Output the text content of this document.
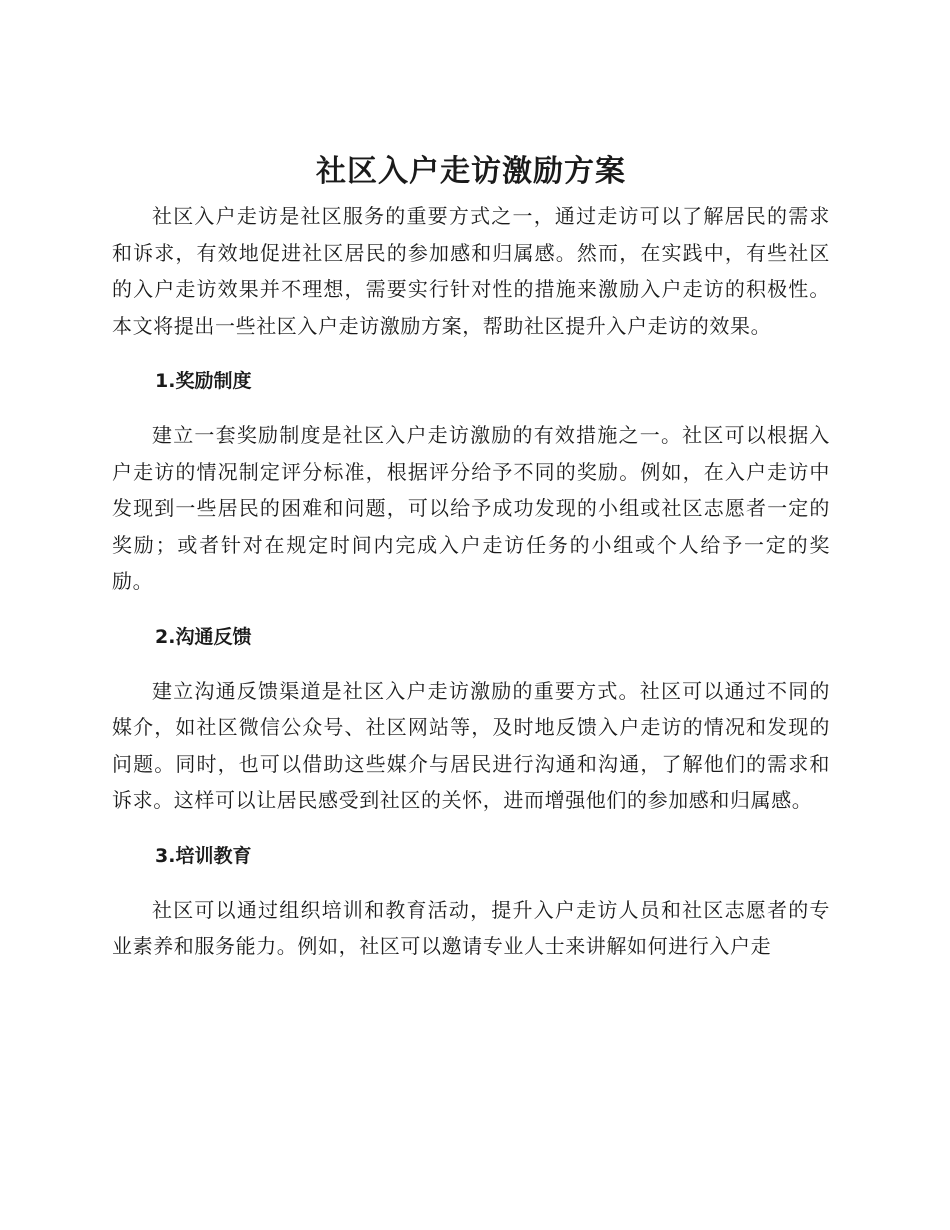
社区入户走访激励方案

社区入户走访是社区服务的重要方式之一，通过走访可以了解居民的需求和诉求，有效地促进社区居民的参加感和归属感。然而，在实践中，有些社区的入户走访效果并不理想，需要实行针对性的措施来激励入户走访的积极性。本文将提出一些社区入户走访激励方案，帮助社区提升入户走访的效果。

1.奖励制度

建立一套奖励制度是社区入户走访激励的有效措施之一。社区可以根据入户走访的情况制定评分标准，根据评分给予不同的奖励。例如，在入户走访中发现到一些居民的困难和问题，可以给予成功发现的小组或社区志愿者一定的奖励；或者针对在规定时间内完成入户走访任务的小组或个人给予一定的奖励。

2.沟通反馈

建立沟通反馈渠道是社区入户走访激励的重要方式。社区可以通过不同的媒介，如社区微信公众号、社区网站等，及时地反馈入户走访的情况和发现的问题。同时，也可以借助这些媒介与居民进行沟通和沟通，了解他们的需求和诉求。这样可以让居民感受到社区的关怀，进而增强他们的参加感和归属感。

3.培训教育

社区可以通过组织培训和教育活动，提升入户走访人员和社区志愿者的专业素养和服务能力。例如，社区可以邀请专业人士来讲解如何进行入户走
